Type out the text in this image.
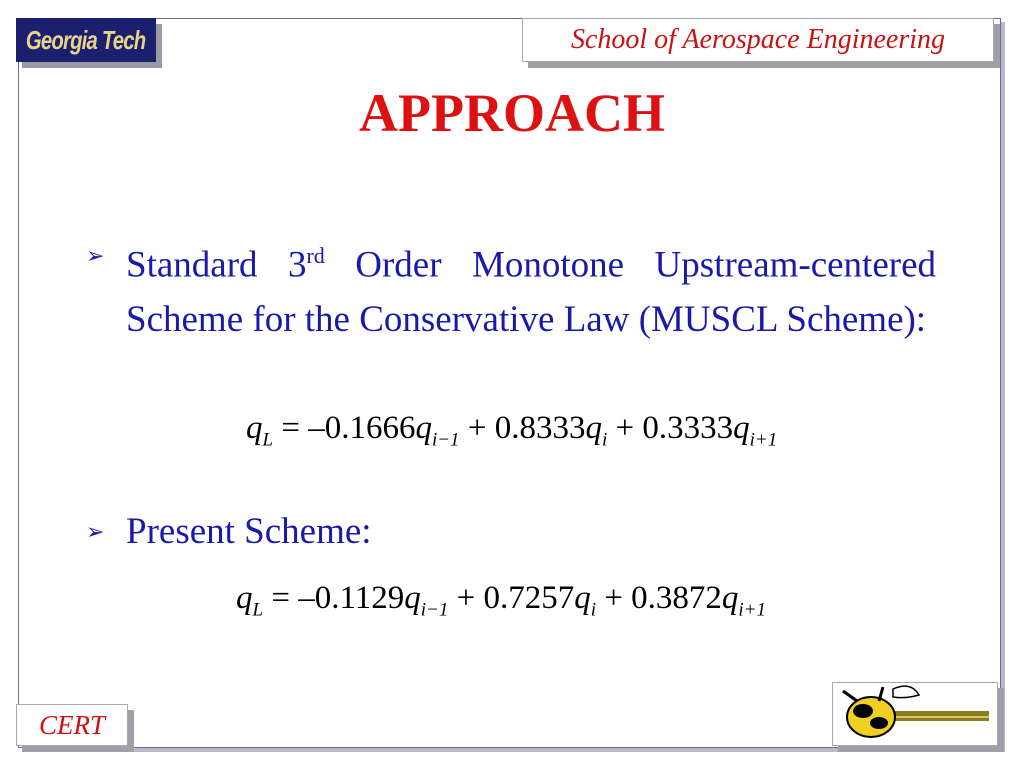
Georgia Tech	School of Aerospace Engineering
APPROACH
➢ Standard 3rd Order Monotone Upstream-centered Scheme for the Conservative Law (MUSCL Scheme):
$q_L = -0.1666q_{i-1} + 0.8333q_i + 0.3333q_{i+1}$
➢ Present Scheme:
$q_L = -0.1129q_{i-1} + 0.7257q_i + 0.3872q_{i+1}$
CERT
